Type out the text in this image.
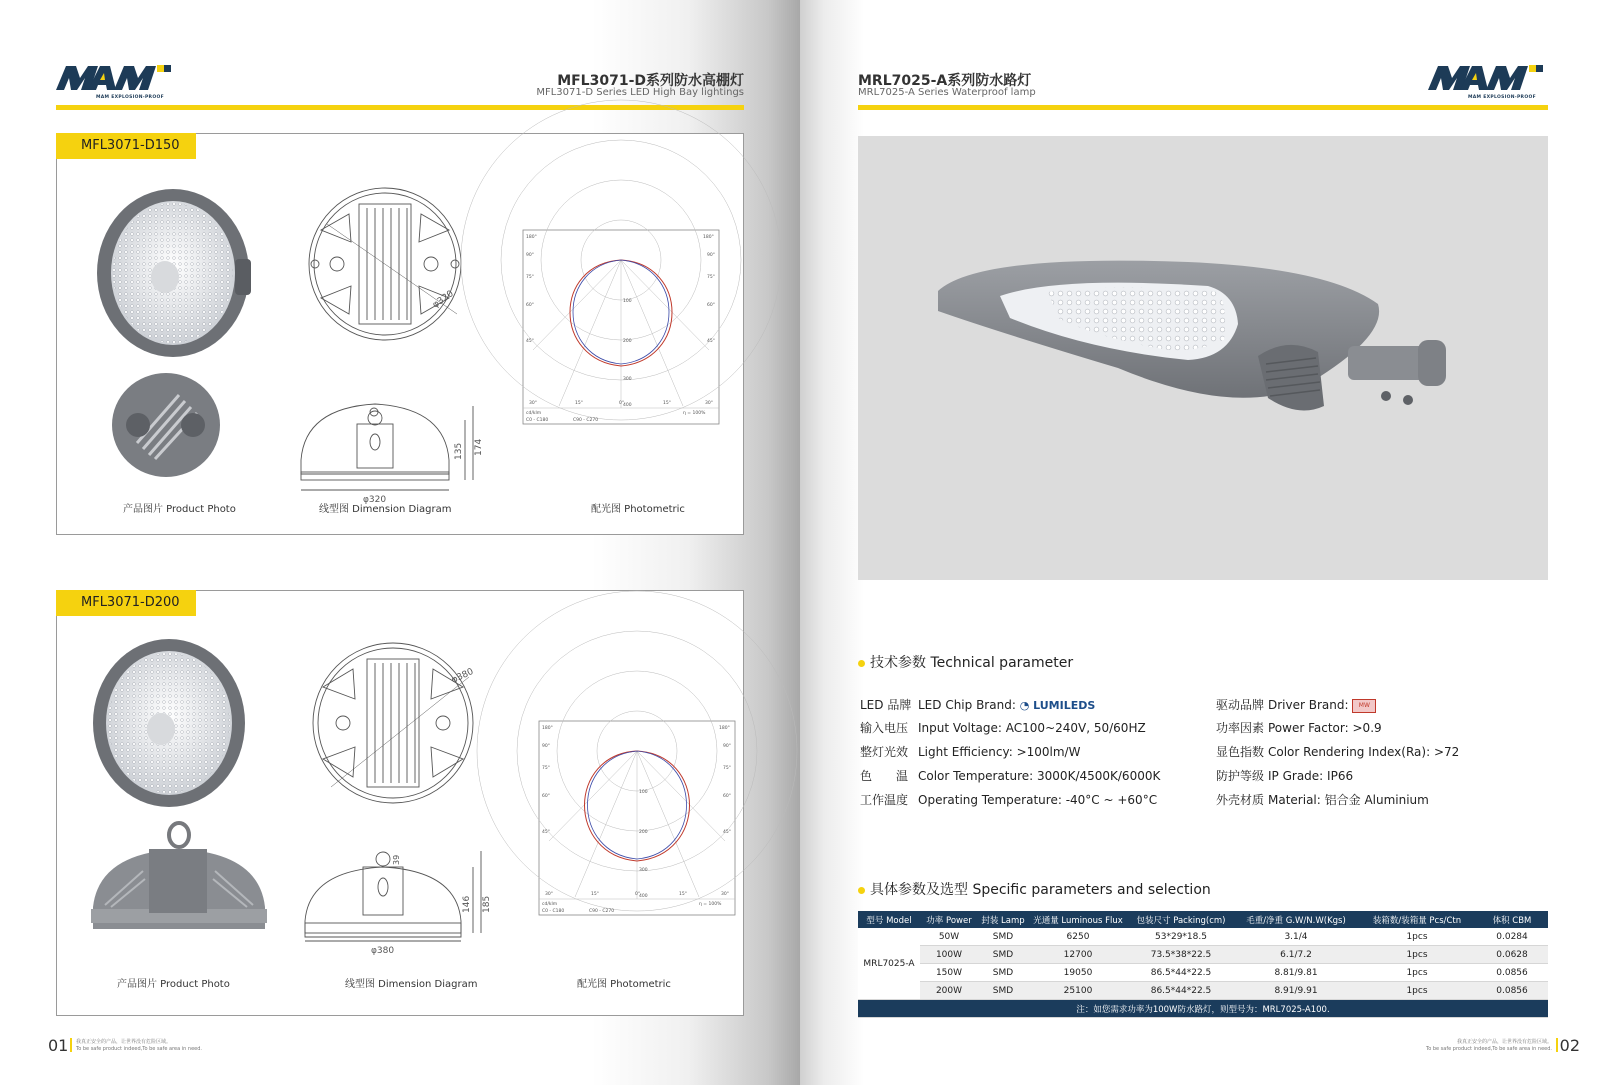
MAM EXPLOSION-PROOF
MFL3071-D系列防水高棚灯
MFL3071-D Series LED High Bay lightings
MFL3071-D150
φ320
φ320
135 174
180°	180°
90°	90°
75°	75°
60°	60°
45°	45°
30°	15°	0°	15°	30°
100
200
300
400
cd/klm
C0 - C180	C90 - C270
η = 100%
产品图片 Product Photo	线型图 Dimension Diagram	配光图 Photometric
MFL3071-D200
φ380
φ380
39
146 185
180°	180°
90°	90°
75°	75°
60°	60°
45°	45°
30°	15°	0°	15°	30°
100
200
300
400
cd/klm
C0 - C180	C90 - C270
η = 100%
产品图片 Product Photo	线型图 Dimension Diagram	配光图 Photometric
01 我真正安全的产品，让世界没有危险区域。
To be safe product indeed,To be safe area in need.
MRL7025-A系列防水路灯
MRL7025-A Series Waterproof lamp	MAM EXPLOSION-PROOF
技术参数 Technical parameter
LED 品牌 LED Chip Brand: ◔ LUMILEDS
输入电压 Input Voltage: AC100~240V, 50/60HZ
整灯光效 Light Efficiency: >100lm/W
色　　温 Color Temperature: 3000K/4500K/6000K
工作温度 Operating Temperature: -40°C ~ +60°C
驱动品牌 Driver Brand: MW
功率因素 Power Factor: >0.9
显色指数 Color Rendering Index(Ra): >72
防护等级 IP Grade: IP66
外壳材质 Material: 铝合金 Aluminium
具体参数及选型 Specific parameters and selection
型号 Model	功率 Power	封装 Lamp	光通量 Luminous Flux	包装尺寸 Packing(cm)	毛重/净重 G.W/N.W(Kgs)	装箱数/装箱量 Pcs/Ctn	体积 CBM
MRL7025-A	50W	SMD	6250	53*29*18.5	3.1/4	1pcs	0.0284
	100W	SMD	12700	73.5*38*22.5	6.1/7.2	1pcs	0.0628
	150W	SMD	19050	86.5*44*22.5	8.81/9.81	1pcs	0.0856
	200W	SMD	25100	86.5*44*22.5	8.91/9.91	1pcs	0.0856
注：如您需求功率为100W防水路灯，则型号为：MRL7025-A100.							
我真正安全的产品，让世界没有危险区域。
To be safe product indeed,To be safe area in need. 02
